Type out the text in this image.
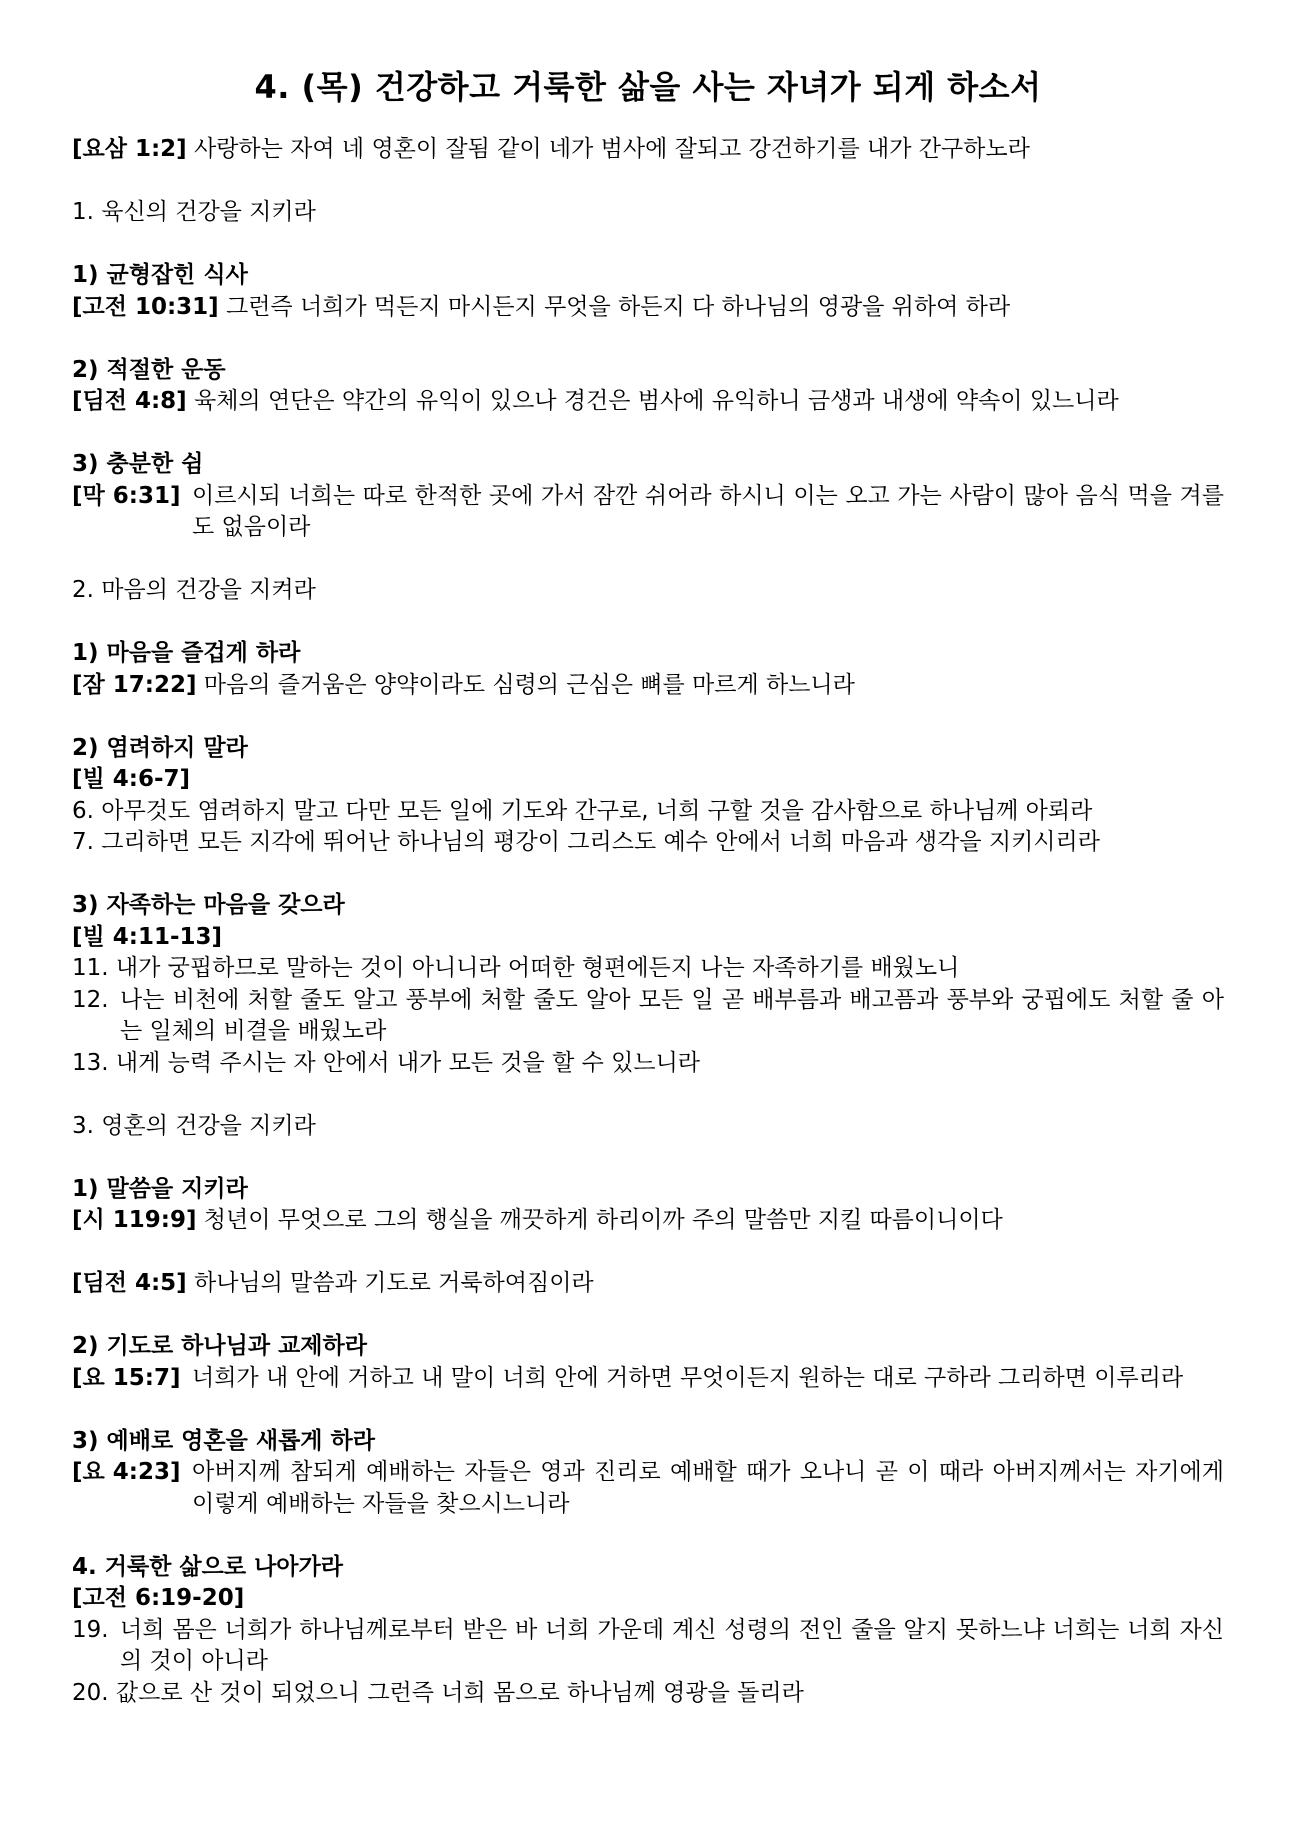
4. (목) 건강하고 거룩한 삶을 사는 자녀가 되게 하소서
[요삼 1:2] 사랑하는 자여 네 영혼이 잘됨 같이 네가 범사에 잘되고 강건하기를 내가 간구하노라
1. 육신의 건강을 지키라
1) 균형잡힌 식사
[고전 10:31] 그런즉 너희가 먹든지 마시든지 무엇을 하든지 다 하나님의 영광을 위하여 하라
2) 적절한 운동
[딤전 4:8] 육체의 연단은 약간의 유익이 있으나 경건은 범사에 유익하니 금생과 내생에 약속이 있느니라
3) 충분한 쉼
[막 6:31] 이르시되 너희는 따로 한적한 곳에 가서 잠깐 쉬어라 하시니 이는 오고 가는 사람이 많아 음식 먹을 겨를도 없음이라
2. 마음의 건강을 지켜라
1) 마음을 즐겁게 하라
[잠 17:22] 마음의 즐거움은 양약이라도 심령의 근심은 뼈를 마르게 하느니라
2) 염려하지 말라
[빌 4:6-7]
6. 아무것도 염려하지 말고 다만 모든 일에 기도와 간구로, 너희 구할 것을 감사함으로 하나님께 아뢰라
7. 그리하면 모든 지각에 뛰어난 하나님의 평강이 그리스도 예수 안에서 너희 마음과 생각을 지키시리라
3) 자족하는 마음을 갖으라
[빌 4:11-13]
11. 내가 궁핍하므로 말하는 것이 아니니라 어떠한 형편에든지 나는 자족하기를 배웠노니
12. 나는 비천에 처할 줄도 알고 풍부에 처할 줄도 알아 모든 일 곧 배부름과 배고픔과 풍부와 궁핍에도 처할 줄 아는 일체의 비결을 배웠노라
13. 내게 능력 주시는 자 안에서 내가 모든 것을 할 수 있느니라
3. 영혼의 건강을 지키라
1) 말씀을 지키라
[시 119:9] 청년이 무엇으로 그의 행실을 깨끗하게 하리이까 주의 말씀만 지킬 따름이니이다
[딤전 4:5] 하나님의 말씀과 기도로 거룩하여짐이라
2) 기도로 하나님과 교제하라
[요 15:7] 너희가 내 안에 거하고 내 말이 너희 안에 거하면 무엇이든지 원하는 대로 구하라 그리하면 이루리라
3) 예배로 영혼을 새롭게 하라
[요 4:23] 아버지께 참되게 예배하는 자들은 영과 진리로 예배할 때가 오나니 곧 이 때라 아버지께서는 자기에게 이렇게 예배하는 자들을 찾으시느니라
4. 거룩한 삶으로 나아가라
[고전 6:19-20]
19. 너희 몸은 너희가 하나님께로부터 받은 바 너희 가운데 계신 성령의 전인 줄을 알지 못하느냐 너희는 너희 자신의 것이 아니라
20. 값으로 산 것이 되었으니 그런즉 너희 몸으로 하나님께 영광을 돌리라
